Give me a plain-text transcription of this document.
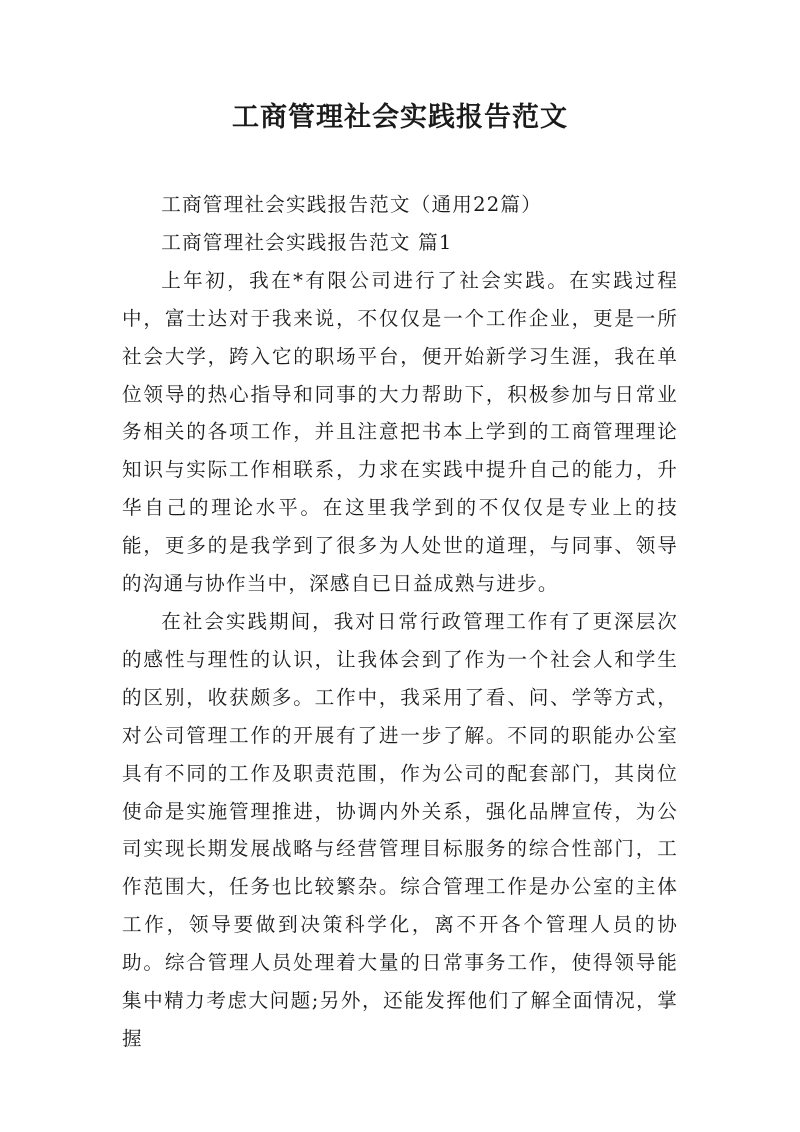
工商管理社会实践报告范文

工商管理社会实践报告范文（通用22篇）

工商管理社会实践报告范文 篇1

上年初，我在*有限公司进行了社会实践。在实践过程中，富士达对于我来说，不仅仅是一个工作企业，更是一所社会大学，跨入它的职场平台，便开始新学习生涯，我在单位领导的热心指导和同事的大力帮助下，积极参加与日常业务相关的各项工作，并且注意把书本上学到的工商管理理论知识与实际工作相联系，力求在实践中提升自己的能力，升华自己的理论水平。在这里我学到的不仅仅是专业上的技能，更多的是我学到了很多为人处世的道理，与同事、领导的沟通与协作当中，深感自已日益成熟与进步。

在社会实践期间，我对日常行政管理工作有了更深层次的感性与理性的认识，让我体会到了作为一个社会人和学生的区别，收获颇多。工作中，我采用了看、问、学等方式，对公司管理工作的开展有了进一步了解。不同的职能办公室具有不同的工作及职责范围，作为公司的配套部门，其岗位使命是实施管理推进，协调内外关系，强化品牌宣传，为公司实现长期发展战略与经营管理目标服务的综合性部门，工作范围大，任务也比较繁杂。综合管理工作是办公室的主体工作，领导要做到决策科学化，离不开各个管理人员的协助。综合管理人员处理着大量的日常事务工作，使得领导能集中精力考虑大问题;另外，还能发挥他们了解全面情况，掌握
